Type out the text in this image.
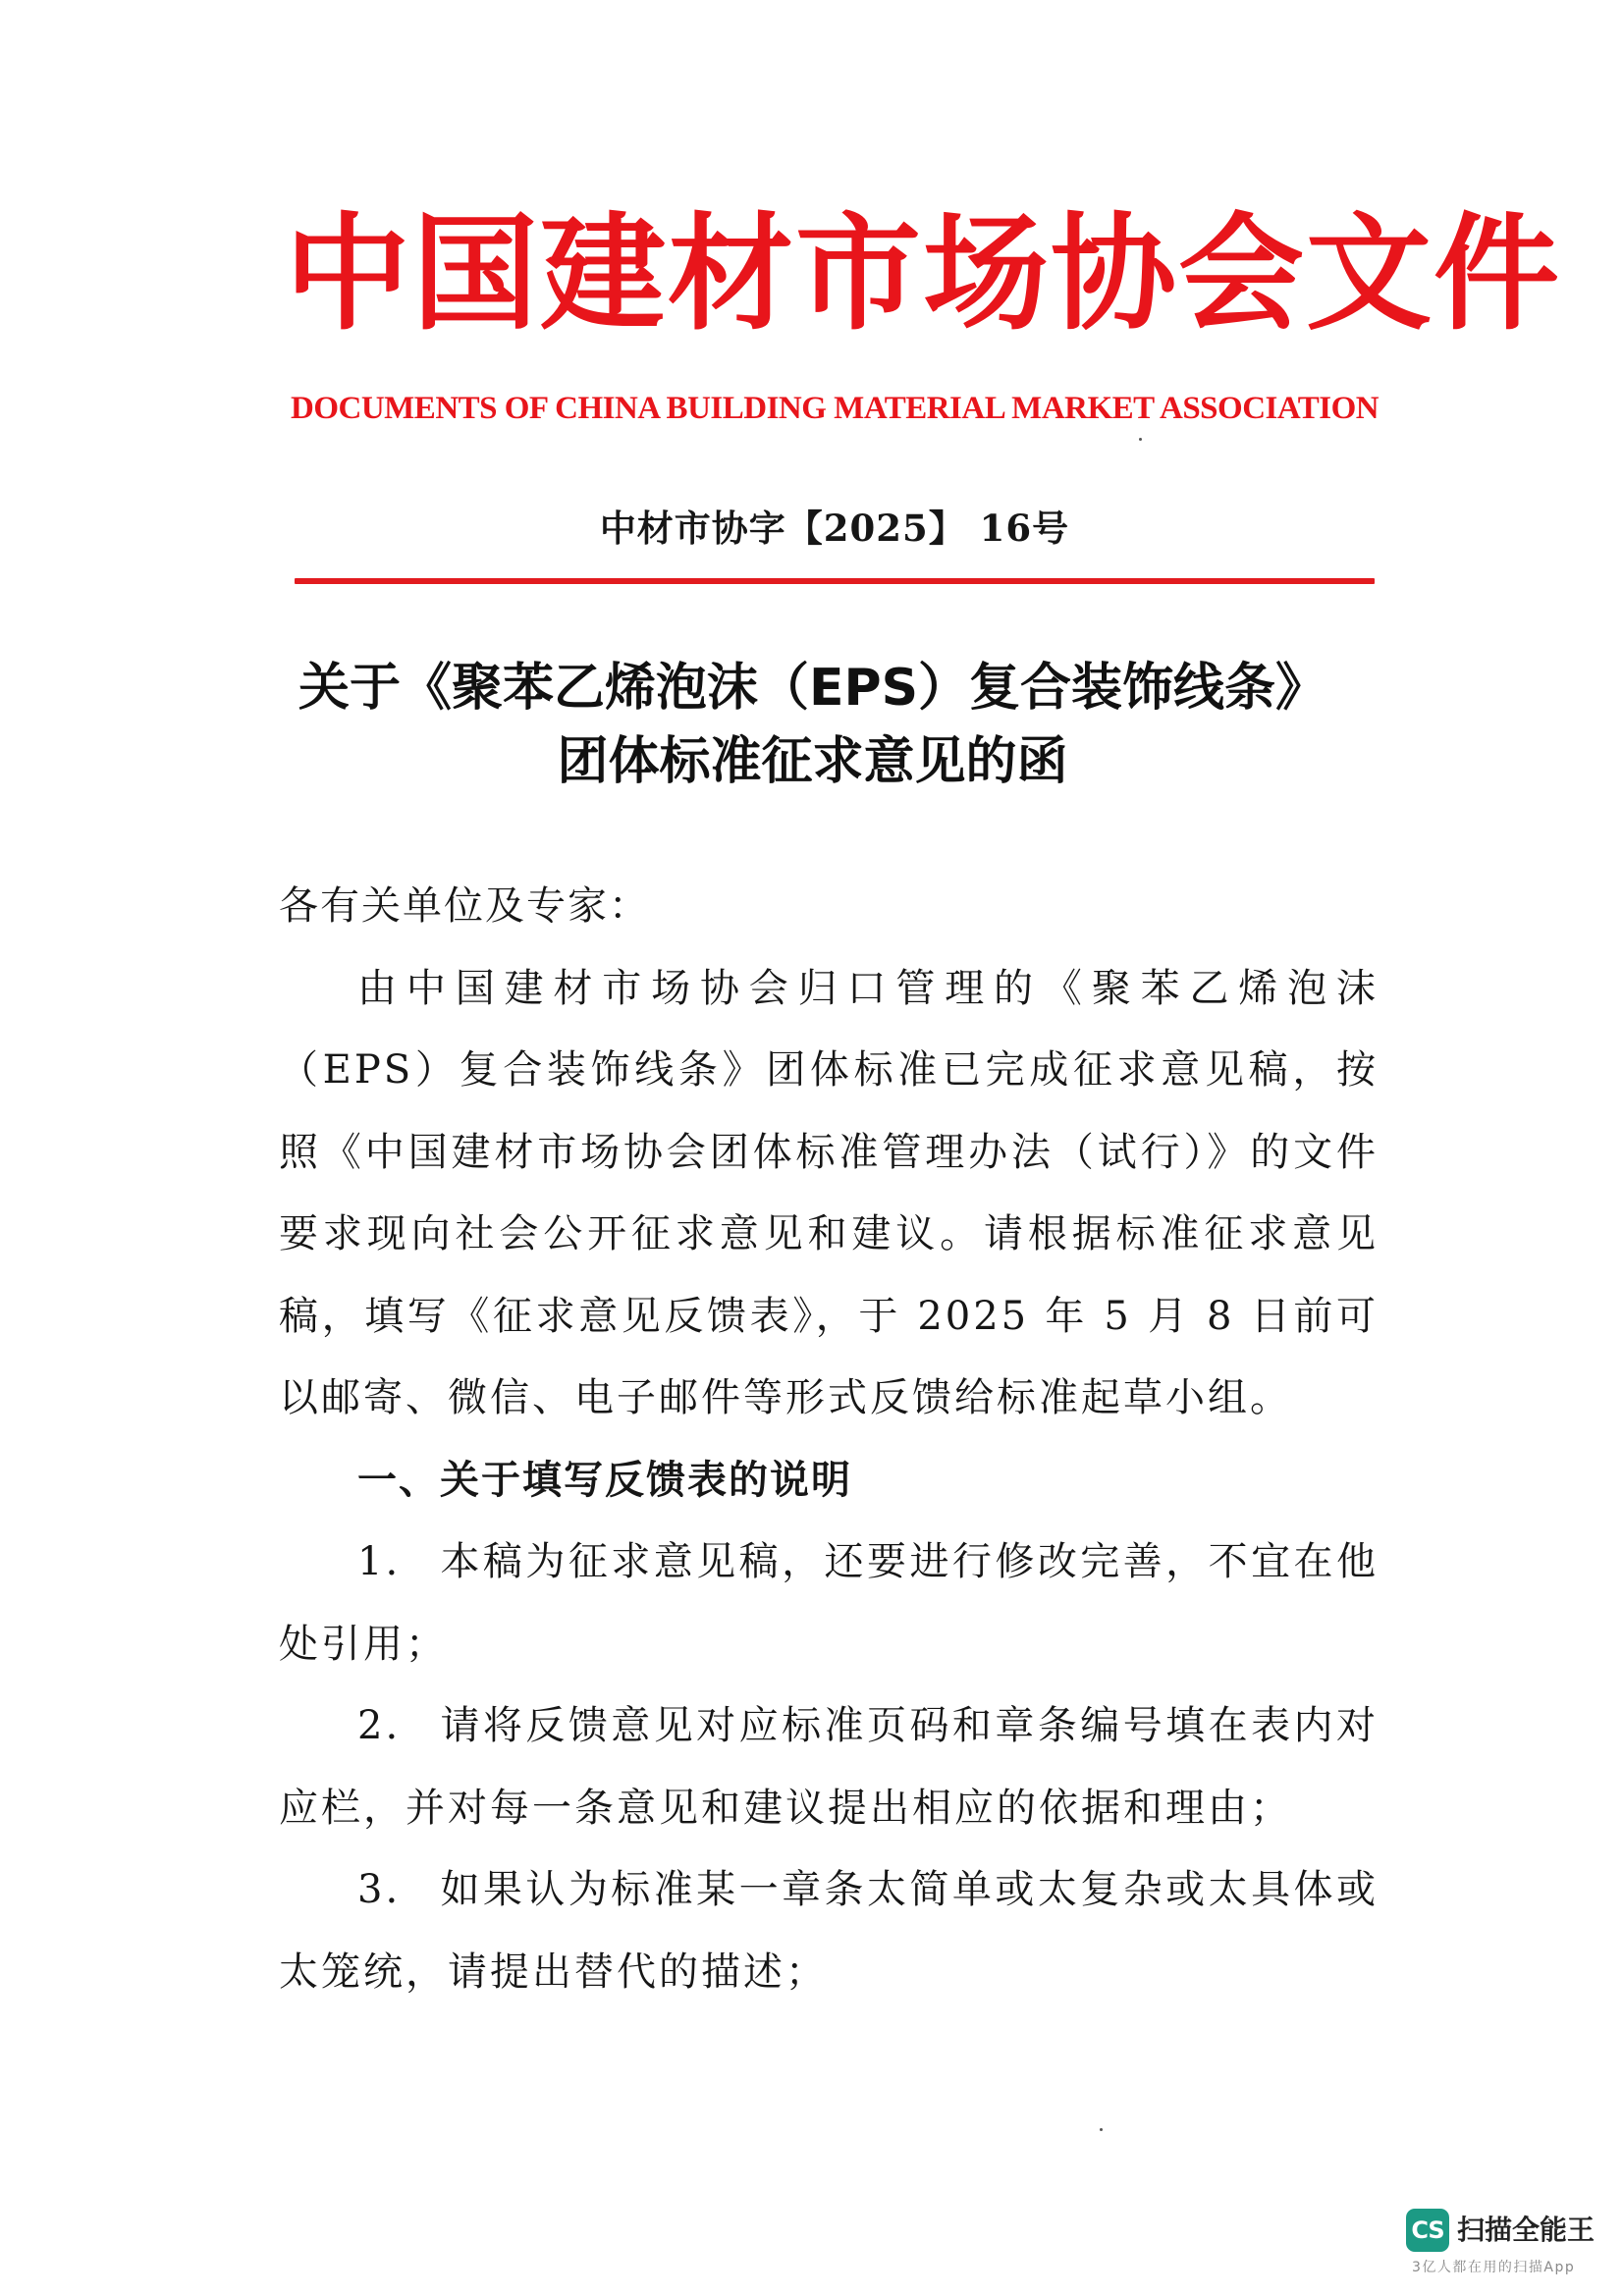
中国建材市场协会文件
DOCUMENTS OF CHINA BUILDING MATERIAL MARKET ASSOCIATION
中材市协字【2025】 16号
关于《聚苯乙烯泡沫（EPS）复合装饰线条》
团体标准征求意见的函

各有关单位及专家：

由中国建材市场协会归口管理的《聚苯乙烯泡沫（EPS）复合装饰线条》团体标准已完成征求意见稿，按照《中国建材市场协会团体标准管理办法（试行）》的文件要求现向社会公开征求意见和建议。请根据标准征求意见稿，填写《征求意见反馈表》，于 2025 年 5 月 8 日前可以邮寄、微信、电子邮件等形式反馈给标准起草小组。

一、关于填写反馈表的说明

1. 本稿为征求意见稿，还要进行修改完善，不宜在他处引用；

2. 请将反馈意见对应标准页码和章条编号填在表内对应栏，并对每一条意见和建议提出相应的依据和理由；

3. 如果认为标准某一章条太简单或太复杂或太具体或太笼统，请提出替代的描述；

CS 扫描全能王
3亿人都在用的扫描App
